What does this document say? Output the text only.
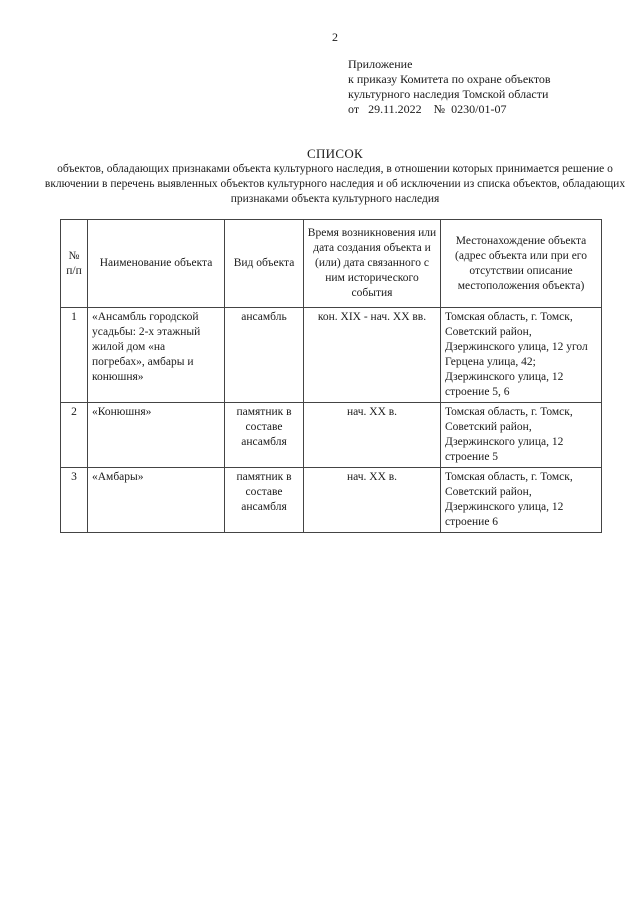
2
Приложение
к приказу Комитета по охране объектов
культурного наследия Томской области
от 29.11.2022 № 0230/01-07
СПИСОК
объектов, обладающих признаками объекта культурного наследия, в отношении которых принимается решение о включении в перечень выявленных объектов культурного наследия и об исключении из списка объектов, обладающих признаками объекта культурного наследия
№ п/п	Наименование объекта	Вид объекта	Время возникновения или дата создания объекта и (или) дата связанного с ним исторического события	Местонахождение объекта (адрес объекта или при его отсутствии описание местоположения объекта)
1	«Ансамбль городской усадьбы: 2-х этажный жилой дом «на погребах», амбары и конюшня»	ансамбль	кон. XIX - нач. XX вв.	Томская область, г. Томск, Советский район, Дзержинского улица, 12 угол Герцена улица, 42; Дзержинского улица, 12 строение 5, 6
2	«Конюшня»	памятник в составе ансамбля	нач. XX в.	Томская область, г. Томск, Советский район, Дзержинского улица, 12 строение 5
3	«Амбары»	памятник в составе ансамбля	нач. XX в.	Томская область, г. Томск, Советский район, Дзержинского улица, 12 строение 6
